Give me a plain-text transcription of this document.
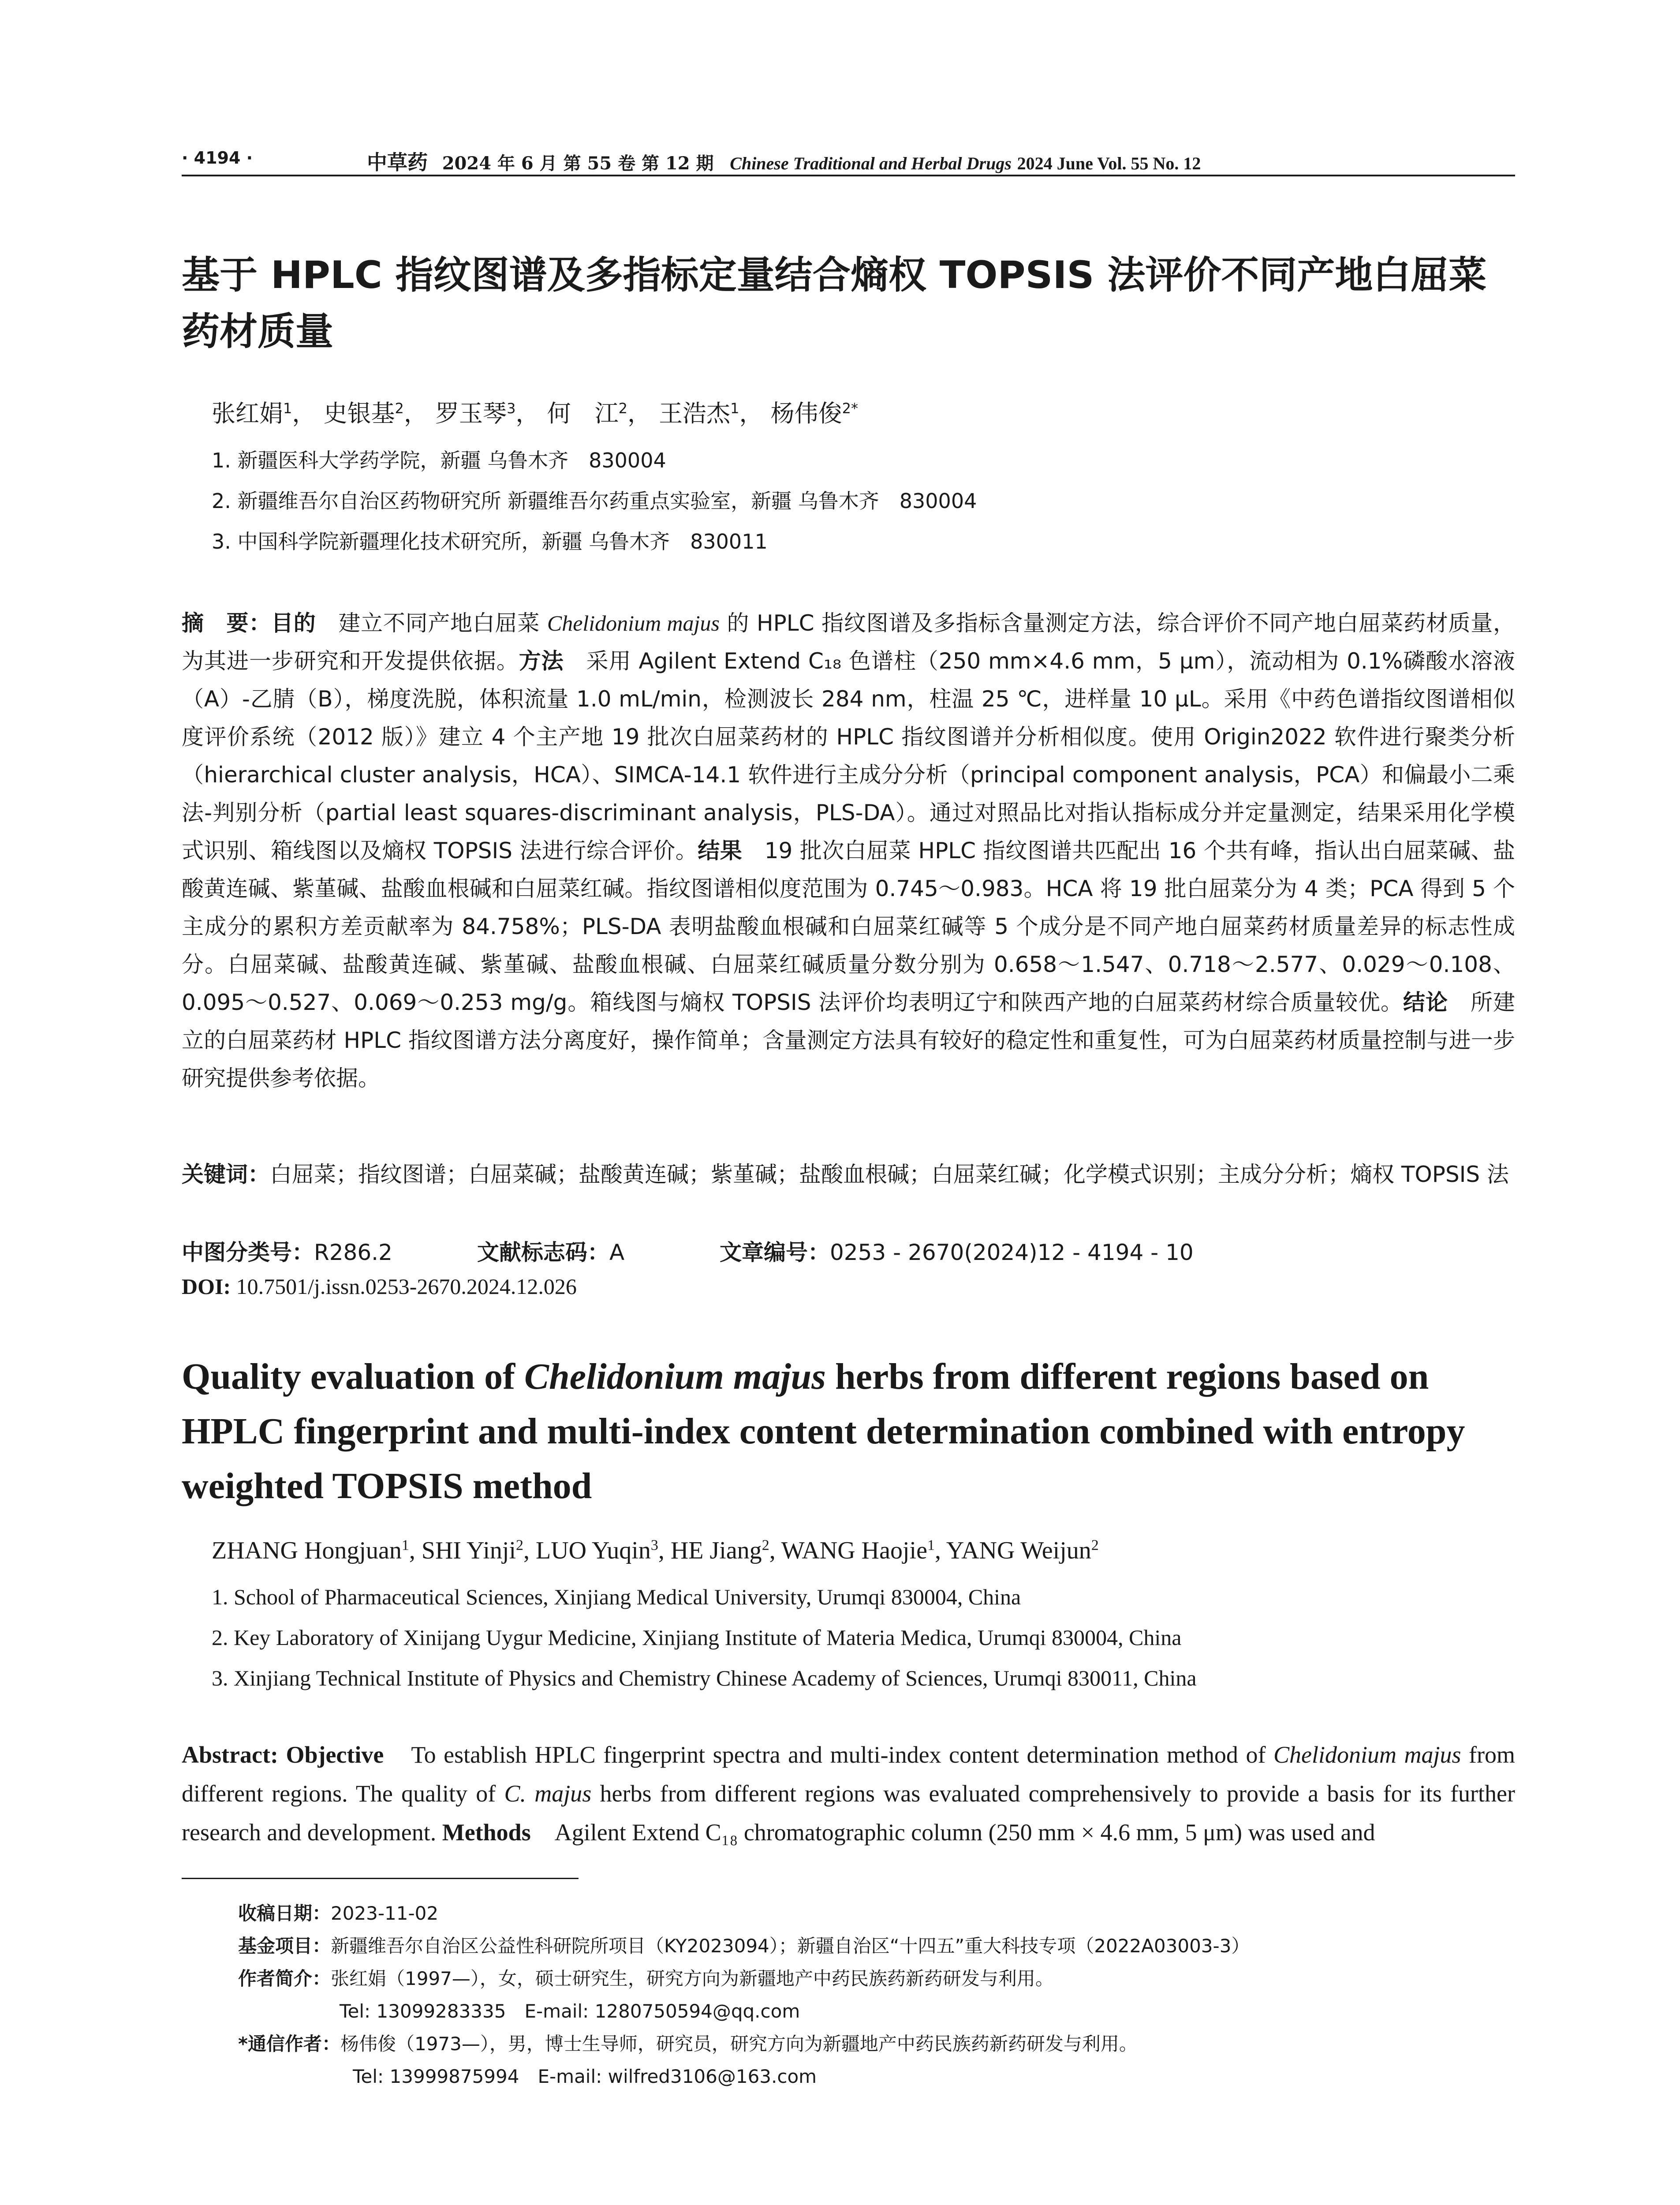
· 4194 ·	中草药 2024 年 6 月 第 55 卷 第 12 期 Chinese Traditional and Herbal Drugs 2024 June Vol. 55 No. 12
基于 HPLC 指纹图谱及多指标定量结合熵权 TOPSIS 法评价不同产地白屈菜药材质量
张红娟$^1$， 史银基$^2$， 罗玉琴$^3$， 何　江$^2$， 王浩杰$^1$， 杨伟俊$^{2*}$
1. 新疆医科大学药学院，新疆 乌鲁木齐　830004
2. 新疆维吾尔自治区药物研究所 新疆维吾尔药重点实验室，新疆 乌鲁木齐　830004
3. 中国科学院新疆理化技术研究所，新疆 乌鲁木齐　830011
摘　要：目的　建立不同产地白屈菜 Chelidonium majus 的 HPLC 指纹图谱及多指标含量测定方法，综合评价不同产地白屈菜药材质量，为其进一步研究和开发提供依据。方法　采用 Agilent Extend C₁₈ 色谱柱（250 mm×4.6 mm，5 μm），流动相为 0.1%磷酸水溶液（A）-乙腈（B），梯度洗脱，体积流量 1.0 mL/min，检测波长 284 nm，柱温 25 ℃，进样量 10 μL。采用《中药色谱指纹图谱相似度评价系统（2012 版）》建立 4 个主产地 19 批次白屈菜药材的 HPLC 指纹图谱并分析相似度。使用 Origin2022 软件进行聚类分析（hierarchical cluster analysis，HCA）、SIMCA-14.1 软件进行主成分分析（principal component analysis，PCA）和偏最小二乘法-判别分析（partial least squares-discriminant analysis，PLS-DA）。通过对照品比对指认指标成分并定量测定，结果采用化学模式识别、箱线图以及熵权 TOPSIS 法进行综合评价。结果　19 批次白屈菜 HPLC 指纹图谱共匹配出 16 个共有峰，指认出白屈菜碱、盐酸黄连碱、紫堇碱、盐酸血根碱和白屈菜红碱。指纹图谱相似度范围为 0.745～0.983。HCA 将 19 批白屈菜分为 4 类；PCA 得到 5 个主成分的累积方差贡献率为 84.758%；PLS-DA 表明盐酸血根碱和白屈菜红碱等 5 个成分是不同产地白屈菜药材质量差异的标志性成分。白屈菜碱、盐酸黄连碱、紫堇碱、盐酸血根碱、白屈菜红碱质量分数分别为 0.658～1.547、0.718～2.577、0.029～0.108、0.095～0.527、0.069～0.253 mg/g。箱线图与熵权 TOPSIS 法评价均表明辽宁和陕西产地的白屈菜药材综合质量较优。结论　所建立的白屈菜药材 HPLC 指纹图谱方法分离度好，操作简单；含量测定方法具有较好的稳定性和重复性，可为白屈菜药材质量控制与进一步研究提供参考依据。
关键词：白屈菜；指纹图谱；白屈菜碱；盐酸黄连碱；紫堇碱；盐酸血根碱；白屈菜红碱；化学模式识别；主成分分析；熵权 TOPSIS 法
中图分类号：R286.2	文献标志码：A	文章编号：0253 - 2670(2024)12 - 4194 - 10
DOI: 10.7501/j.issn.0253-2670.2024.12.026
Quality evaluation of Chelidonium majus herbs from different regions based on HPLC fingerprint and multi-index content determination combined with entropy weighted TOPSIS method
ZHANG Hongjuan$^1$, SHI Yinji$^2$, LUO Yuqin$^3$, HE Jiang$^2$, WANG Haojie$^1$, YANG Weijun$^2$
1. School of Pharmaceutical Sciences, Xinjiang Medical University, Urumqi 830004, China
2. Key Laboratory of Xinijang Uygur Medicine, Xinjiang Institute of Materia Medica, Urumqi 830004, China
3. Xinjiang Technical Institute of Physics and Chemistry Chinese Academy of Sciences, Urumqi 830011, China
Abstract: Objective　To establish HPLC fingerprint spectra and multi-index content determination method of Chelidonium majus from different regions. The quality of C. majus herbs from different regions was evaluated comprehensively to provide a basis for its further research and development. Methods　Agilent Extend C₁₈ chromatographic column (250 mm × 4.6 mm, 5 μm) was used and
收稿日期：2023-11-02
基金项目：新疆维吾尔自治区公益性科研院所项目（KY2023094）；新疆自治区“十四五”重大科技专项（2022A03003-3）
作者简介：张红娟（1997—），女，硕士研究生，研究方向为新疆地产中药民族药新药研发与利用。
Tel: 13099283335　E-mail: 1280750594@qq.com
*通信作者：杨伟俊（1973—），男，博士生导师，研究员，研究方向为新疆地产中药民族药新药研发与利用。
Tel: 13999875994　E-mail: wilfred3106@163.com
